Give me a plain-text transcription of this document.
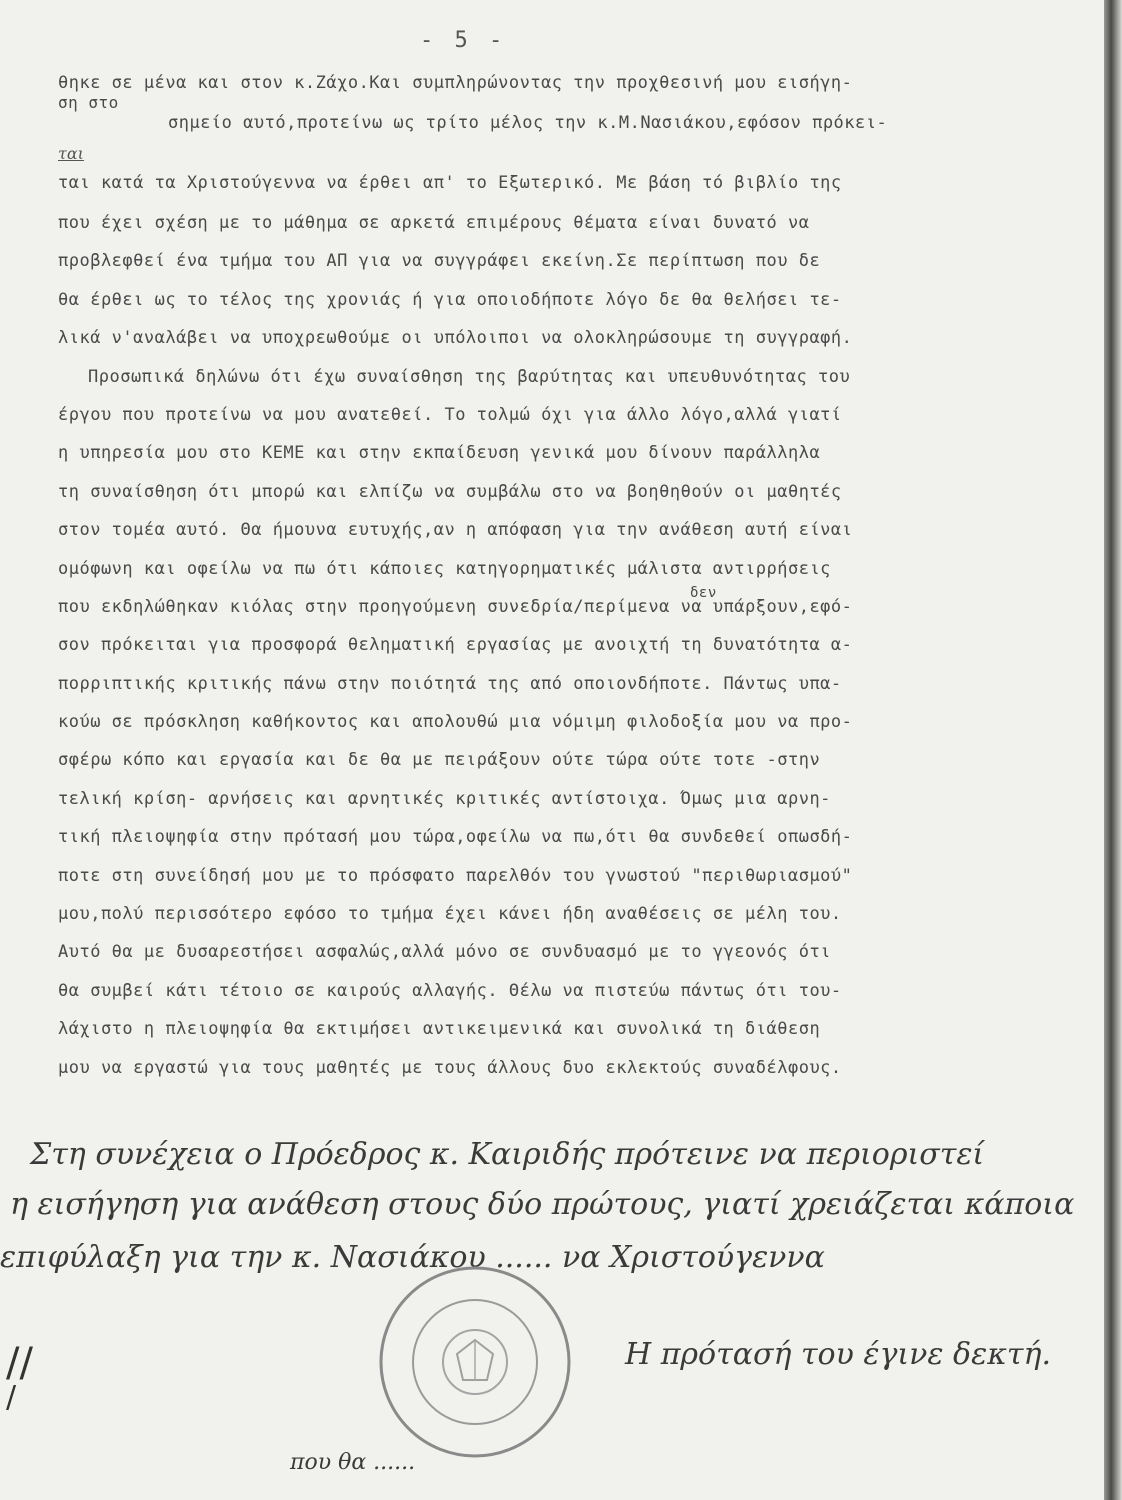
- 5 -
θηκε σε μένα και στον κ.Ζάχο.Και συμπληρώνοντας την προχθεσινή μου εισήγη-
ση στο
σημείο αυτό,προτείνω ως τρίτο μέλος την κ.Μ.Νασιάκου,εφόσον πρόκει-
ται
ται κατά τα Χριστούγεννα να έρθει απ' το Εξωτερικό. Με βάση τό βιβλίο της
που έχει σχέση με το μάθημα σε αρκετά επιμέρους θέματα είναι δυνατό να
προβλεφθεί ένα τμήμα του ΑΠ για να συγγράφει εκείνη.Σε περίπτωση που δε
θα έρθει ως το τέλος της χρονιάς ή για οποιοδήποτε λόγο δε θα θελήσει τε-
λικά ν'αναλάβει να υποχρεωθούμε οι υπόλοιποι να ολοκληρώσουμε τη συγγραφή.
Προσωπικά δηλώνω ότι έχω συναίσθηση της βαρύτητας και υπευθυνότητας του
έργου που προτείνω να μου ανατεθεί. Το τολμώ όχι για άλλο λόγο,αλλά γιατί
η υπηρεσία μου στο ΚΕΜΕ και στην εκπαίδευση γενικά μου δίνουν παράλληλα
τη συναίσθηση ότι μπορώ και ελπίζω να συμβάλω στο να βοηθηθούν οι μαθητές
στον τομέα αυτό. Θα ήμουνα ευτυχής,αν η απόφαση για την ανάθεση αυτή είναι
ομόφωνη και οφείλω να πω ότι κάποιες κατηγορηματικές μάλιστα αντιρρήσεις
που εκδηλώθηκαν κιόλας στην προηγούμενη συνεδρία/περίμενα να υπάρξουν,εφό-
δεν
σον πρόκειται για προσφορά θεληματική εργασίας με ανοιχτή τη δυνατότητα α-
πορριπτικής κριτικής πάνω στην ποιότητά της από οποιονδήποτε. Πάντως υπα-
κούω σε πρόσκληση καθήκοντος και απολουθώ μια νόμιμη φιλοδοξία μου να προ-
σφέρω κόπο και εργασία και δε θα με πειράξουν ούτε τώρα ούτε τοτε -στην
τελική κρίση- αρνήσεις και αρνητικές κριτικές αντίστοιχα. Όμως μια αρνη-
τική πλειοψηφία στην πρότασή μου τώρα,οφείλω να πω,ότι θα συνδεθεί οπωσδή-
ποτε στη συνείδησή μου με το πρόσφατο παρελθόν του γνωστού "περιθωριασμού"
μου,πολύ περισσότερο εφόσο το τμήμα έχει κάνει ήδη αναθέσεις σε μέλη του.
Αυτό θα με δυσαρεστήσει ασφαλώς,αλλά μόνο σε συνδυασμό με το γγεονός ότι
θα συμβεί κάτι τέτοιο σε καιρούς αλλαγής. Θέλω να πιστεύω πάντως ότι του-
λάχιστο η πλειοψηφία θα εκτιμήσει αντικειμενικά και συνολικά τη διάθεση
μου να εργαστώ για τους μαθητές με τους άλλους δυο εκλεκτούς συναδέλφους.
Στη συνέχεια ο Πρόεδρος κ. Καιριδής πρότεινε να περιοριστεί
η εισήγηση για ανάθεση στους δύο πρώτους, γιατί χρειάζεται κάποια
επιφύλαξη για την κ. Νασιάκου ...... να Χριστούγεννα
Η πρότασή του έγινε δεκτή.
που θα ......
//
/
